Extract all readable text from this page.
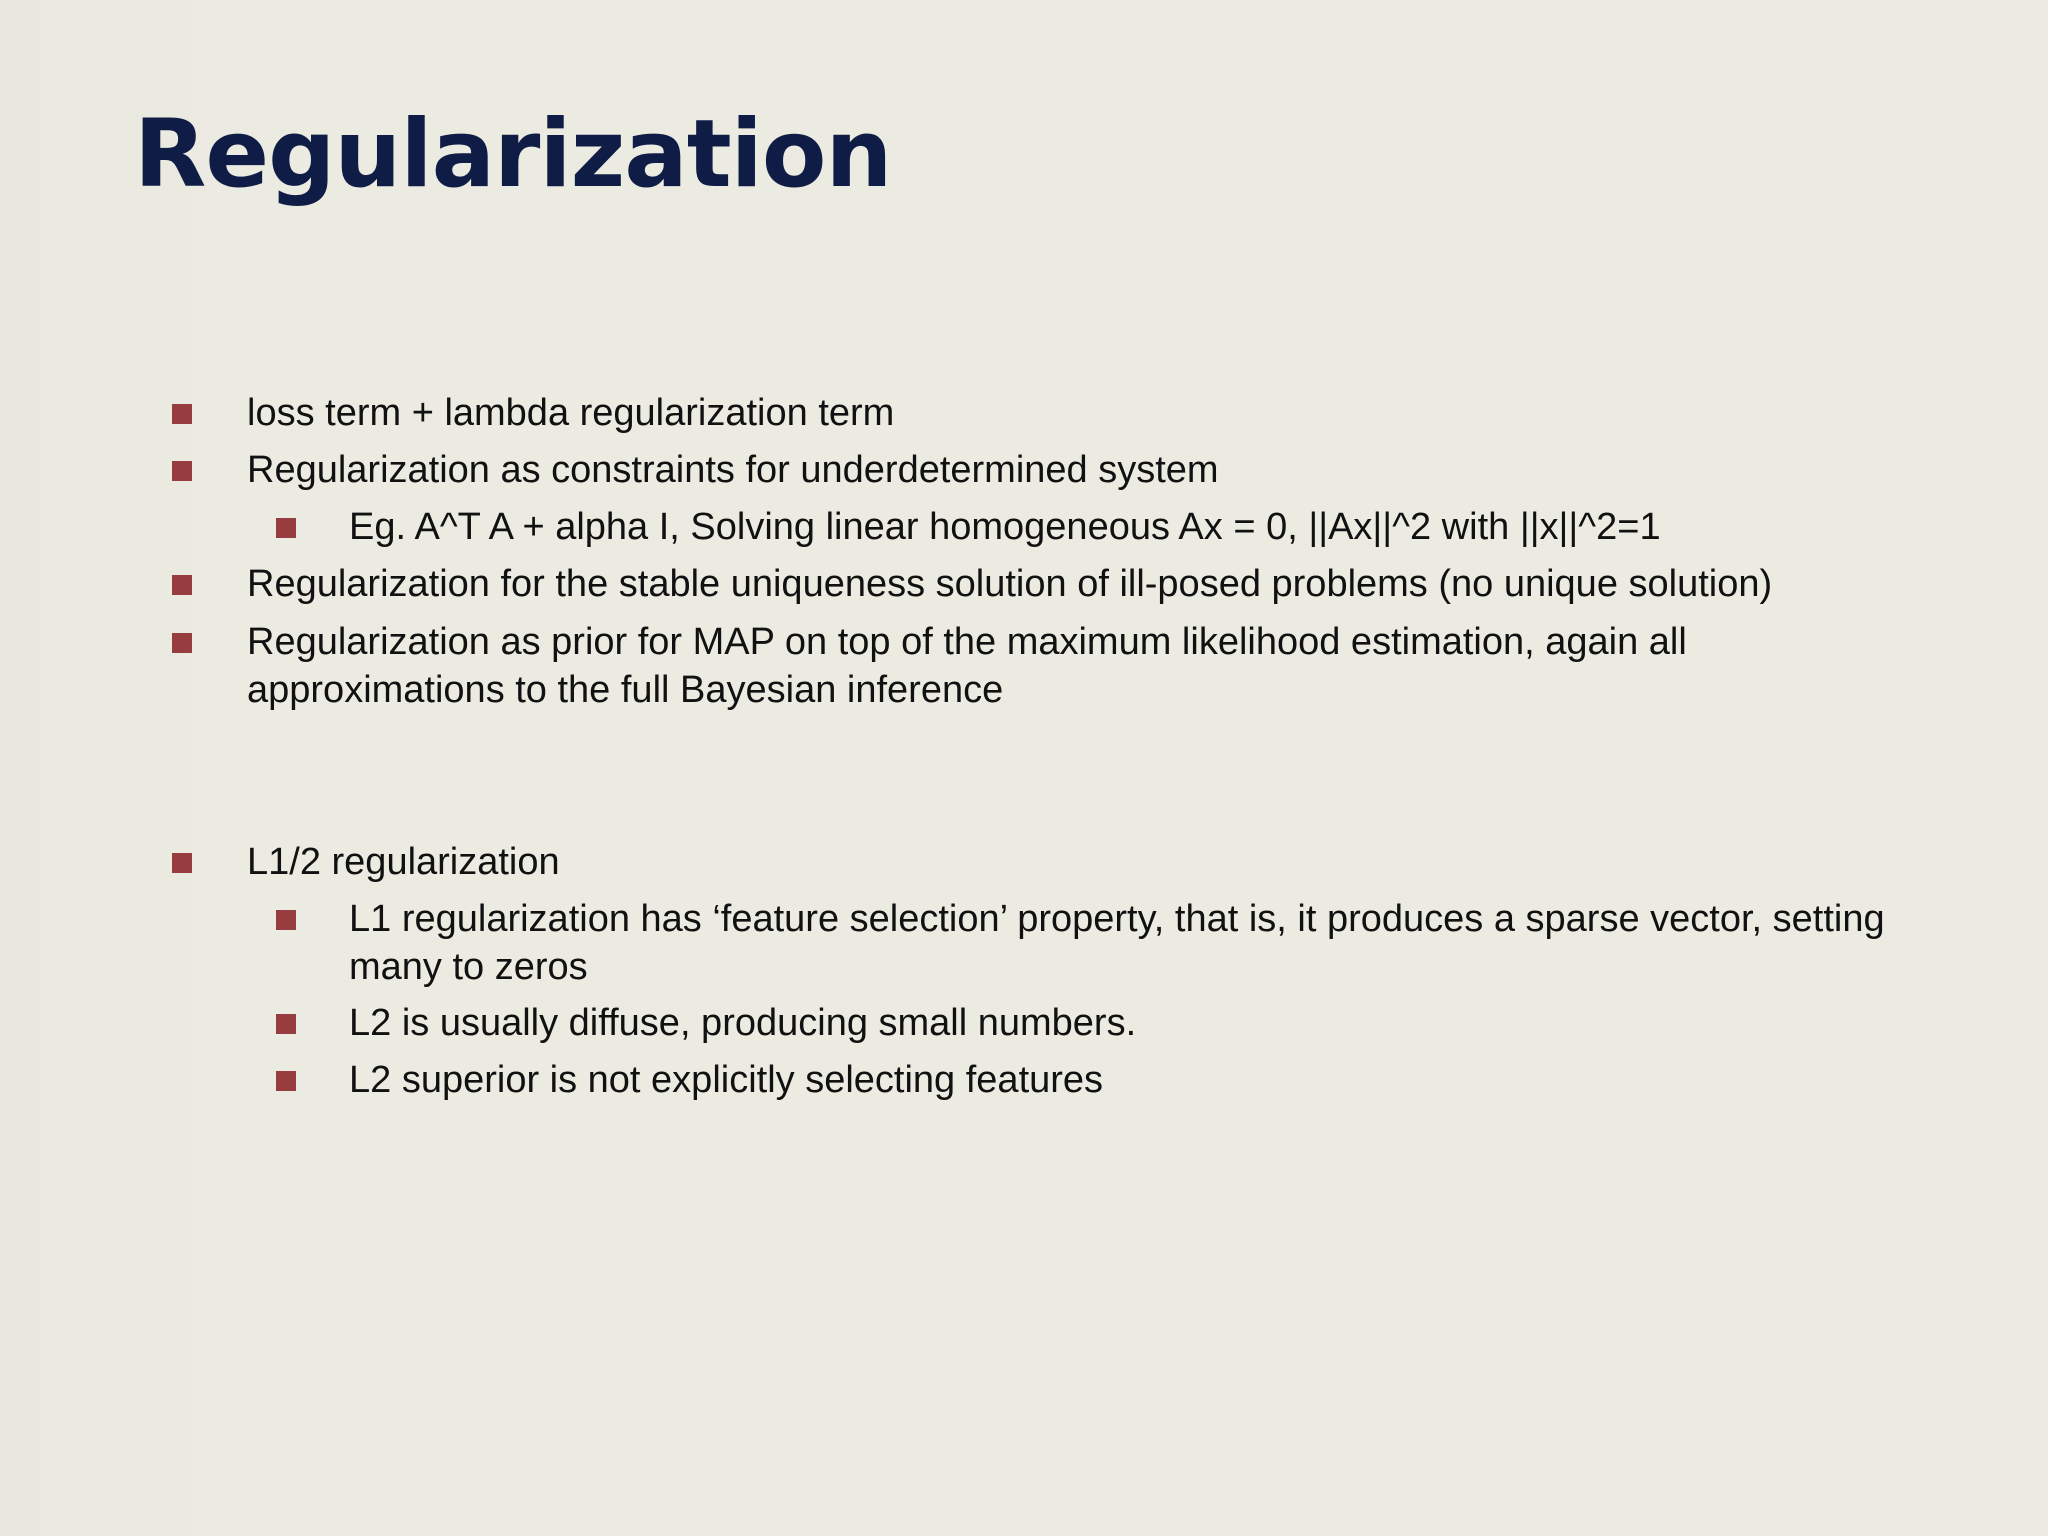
Regularization
loss term + lambda regularization term
Regularization as constraints for underdetermined system
Eg. A^T A + alpha I, Solving linear homogeneous Ax = 0, ||Ax||^2 with ||x||^2=1
Regularization for the stable uniqueness solution of ill-posed problems (no unique solution)
Regularization as prior for MAP on top of the maximum likelihood estimation, again all approximations to the full Bayesian inference
L1/2 regularization
L1 regularization has ‘feature selection’ property, that is, it produces a sparse vector, setting many to zeros
L2 is usually diffuse, producing small numbers.
L2 superior is not explicitly selecting features
